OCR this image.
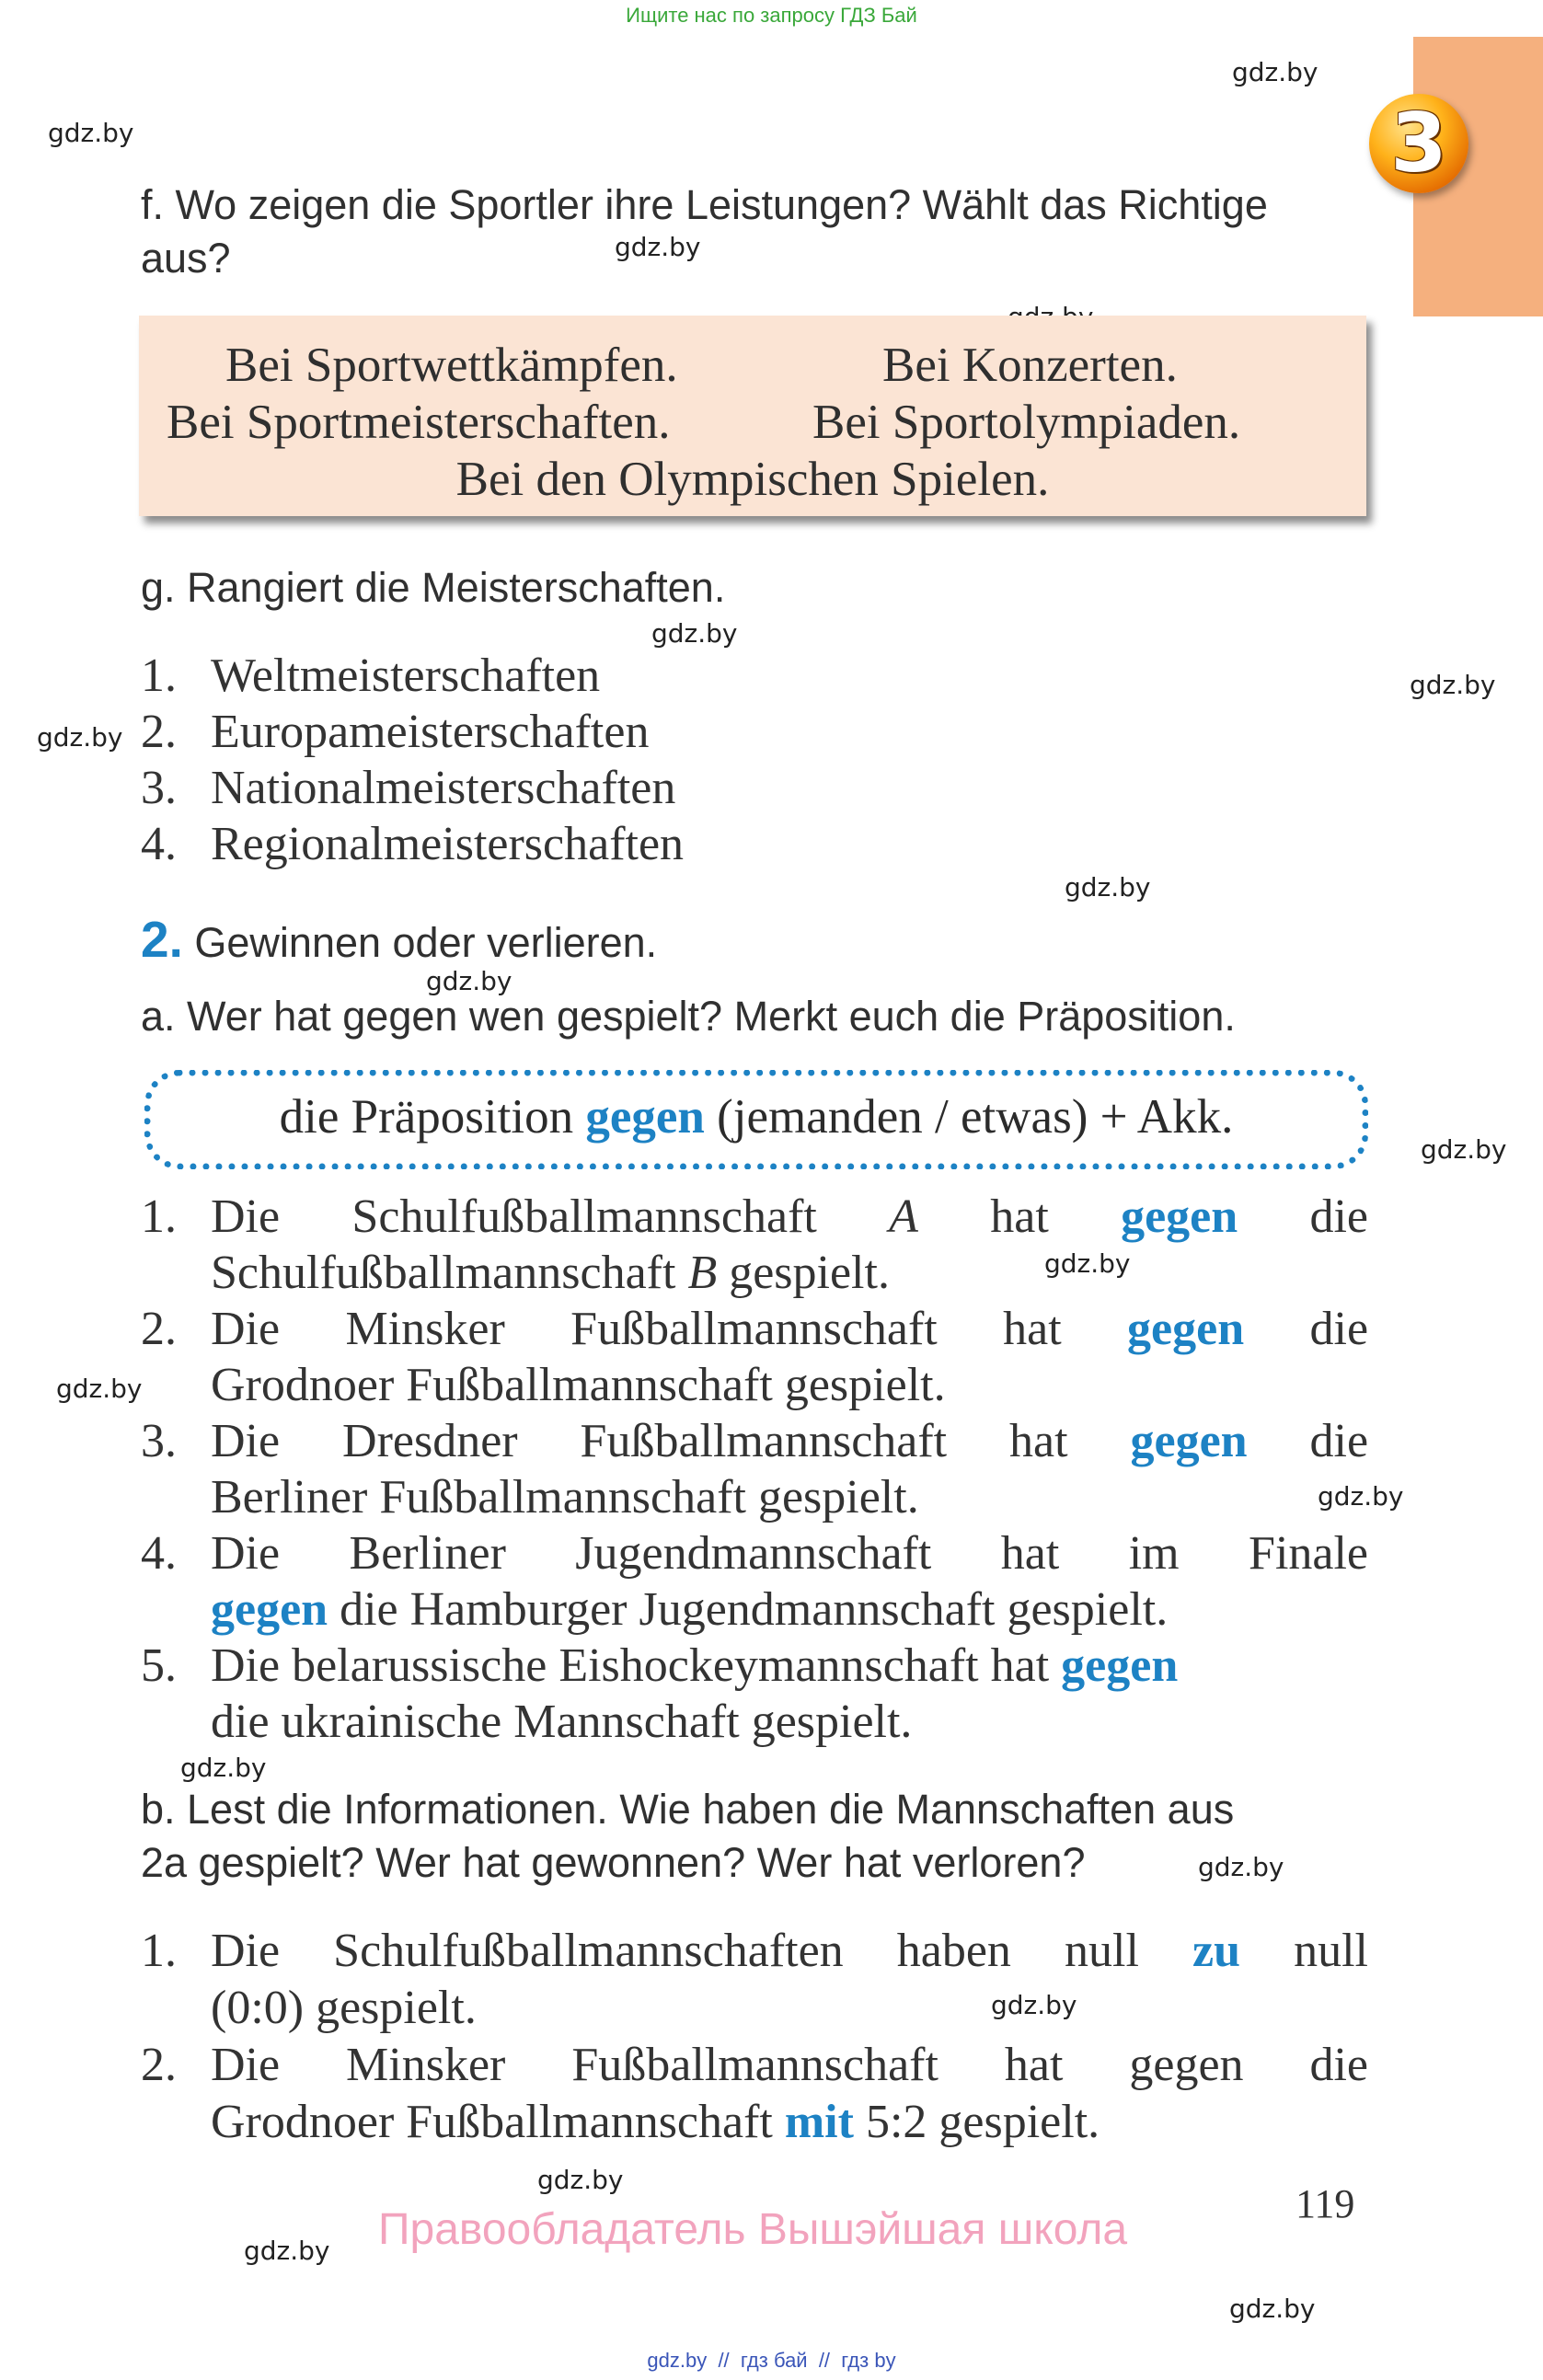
Ищите нас по запросу ГДЗ Бай
gdz.by
gdz.by
gdz.by
gdz.by
gdz.by
gdz.by
gdz.by
gdz.by
gdz.by
gdz.by
gdz.by
gdz.by
gdz.by
gdz.by
gdz.by
gdz.by
gdz.by
gdz.by
3
f. Wo zeigen die Sportler ihre Leistungen? Wählt das Richtige
aus?
Bei Sportwettkämpfen.	Bei Konzerten.
Bei Sportmeisterschaften.	Bei Sportolympiaden.
Bei den Olympischen Spielen.
g. Rangiert die Meisterschaften.
1. Weltmeisterschaften
2. Europameisterschaften
3. Nationalmeisterschaften
4. Regionalmeisterschaften
2. Gewinnen oder verlieren.
a. Wer hat gegen wen gespielt? Merkt euch die Präposition.
die Präposition gegen (jemanden / etwas) + Akk.
1. Die Schulfußballmannschaft A hat gegen die
Schulfußballmannschaft B gespielt.
2. Die Minsker Fußballmannschaft hat gegen die
Grodnoer Fußballmannschaft gespielt.
3. Die Dresdner Fußballmannschaft hat gegen die
Berliner Fußballmannschaft gespielt.
4. Die Berliner Jugendmannschaft hat im Finale
gegen die Hamburger Jugendmannschaft gespielt.
5. Die belarussische Eishockeymannschaft hat gegen
die ukrainische Mannschaft gespielt.
b. Lest die Informationen. Wie haben die Mannschaften aus
2a gespielt? Wer hat gewonnen? Wer hat verloren?
1. Die Schulfußballmannschaften haben null zu null
(0:0) gespielt.
2. Die Minsker Fußballmannschaft hat gegen die
Grodnoer Fußballmannschaft mit 5:2 gespielt.
119
Правообладатель Вышэйшая школа
gdz.by  //  гдз бай  //  гдз by
